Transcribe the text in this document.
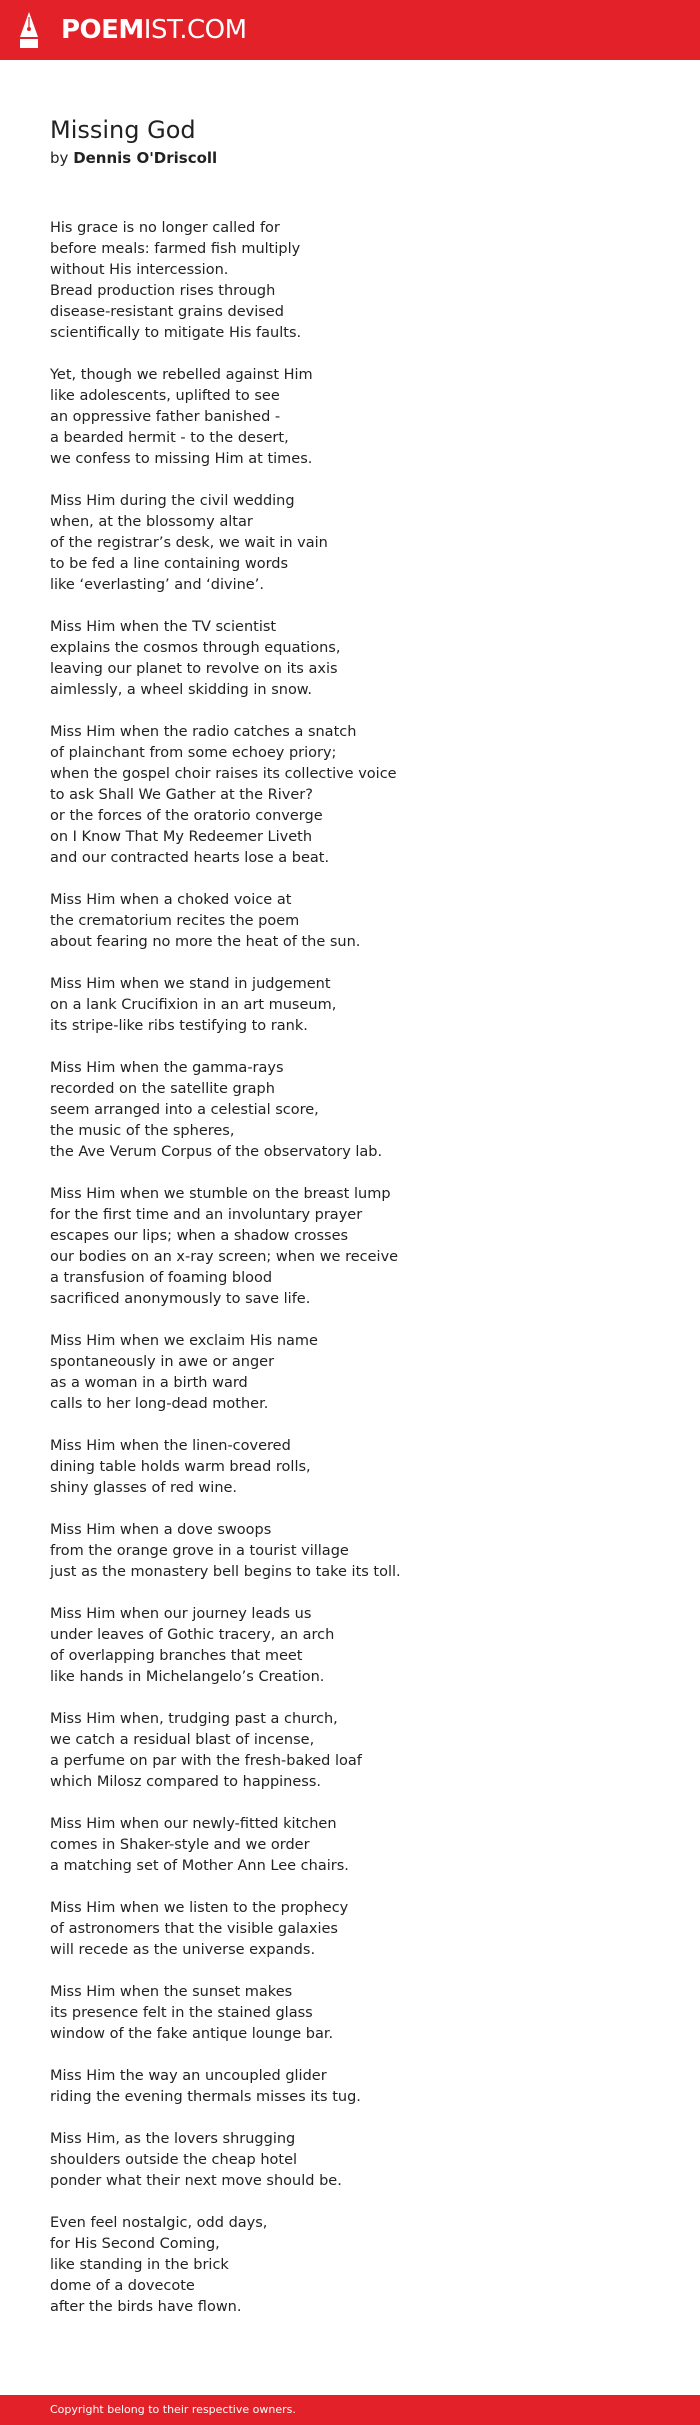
POEMIST.COM
Missing God
by Dennis O'Driscoll
His grace is no longer called for
before meals: farmed fish multiply
without His intercession.
Bread production rises through
disease-resistant grains devised
scientifically to mitigate His faults.
Yet, though we rebelled against Him
like adolescents, uplifted to see
an oppressive father banished -
a bearded hermit - to the desert,
we confess to missing Him at times.
Miss Him during the civil wedding
when, at the blossomy altar
of the registrar’s desk, we wait in vain
to be fed a line containing words
like ‘everlasting’ and ‘divine’.
Miss Him when the TV scientist
explains the cosmos through equations,
leaving our planet to revolve on its axis
aimlessly, a wheel skidding in snow.
Miss Him when the radio catches a snatch
of plainchant from some echoey priory;
when the gospel choir raises its collective voice
to ask Shall We Gather at the River?
or the forces of the oratorio converge
on I Know That My Redeemer Liveth
and our contracted hearts lose a beat.
Miss Him when a choked voice at
the crematorium recites the poem
about fearing no more the heat of the sun.
Miss Him when we stand in judgement
on a lank Crucifixion in an art museum,
its stripe-like ribs testifying to rank.
Miss Him when the gamma-rays
recorded on the satellite graph
seem arranged into a celestial score,
the music of the spheres,
the Ave Verum Corpus of the observatory lab.
Miss Him when we stumble on the breast lump
for the first time and an involuntary prayer
escapes our lips; when a shadow crosses
our bodies on an x-ray screen; when we receive
a transfusion of foaming blood
sacrificed anonymously to save life.
Miss Him when we exclaim His name
spontaneously in awe or anger
as a woman in a birth ward
calls to her long-dead mother.
Miss Him when the linen-covered
dining table holds warm bread rolls,
shiny glasses of red wine.
Miss Him when a dove swoops
from the orange grove in a tourist village
just as the monastery bell begins to take its toll.
Miss Him when our journey leads us
under leaves of Gothic tracery, an arch
of overlapping branches that meet
like hands in Michelangelo’s Creation.
Miss Him when, trudging past a church,
we catch a residual blast of incense,
a perfume on par with the fresh-baked loaf
which Milosz compared to happiness.
Miss Him when our newly-fitted kitchen
comes in Shaker-style and we order
a matching set of Mother Ann Lee chairs.
Miss Him when we listen to the prophecy
of astronomers that the visible galaxies
will recede as the universe expands.
Miss Him when the sunset makes
its presence felt in the stained glass
window of the fake antique lounge bar.
Miss Him the way an uncoupled glider
riding the evening thermals misses its tug.
Miss Him, as the lovers shrugging
shoulders outside the cheap hotel
ponder what their next move should be.
Even feel nostalgic, odd days,
for His Second Coming,
like standing in the brick
dome of a dovecote
after the birds have flown.
Copyright belong to their respective owners.
